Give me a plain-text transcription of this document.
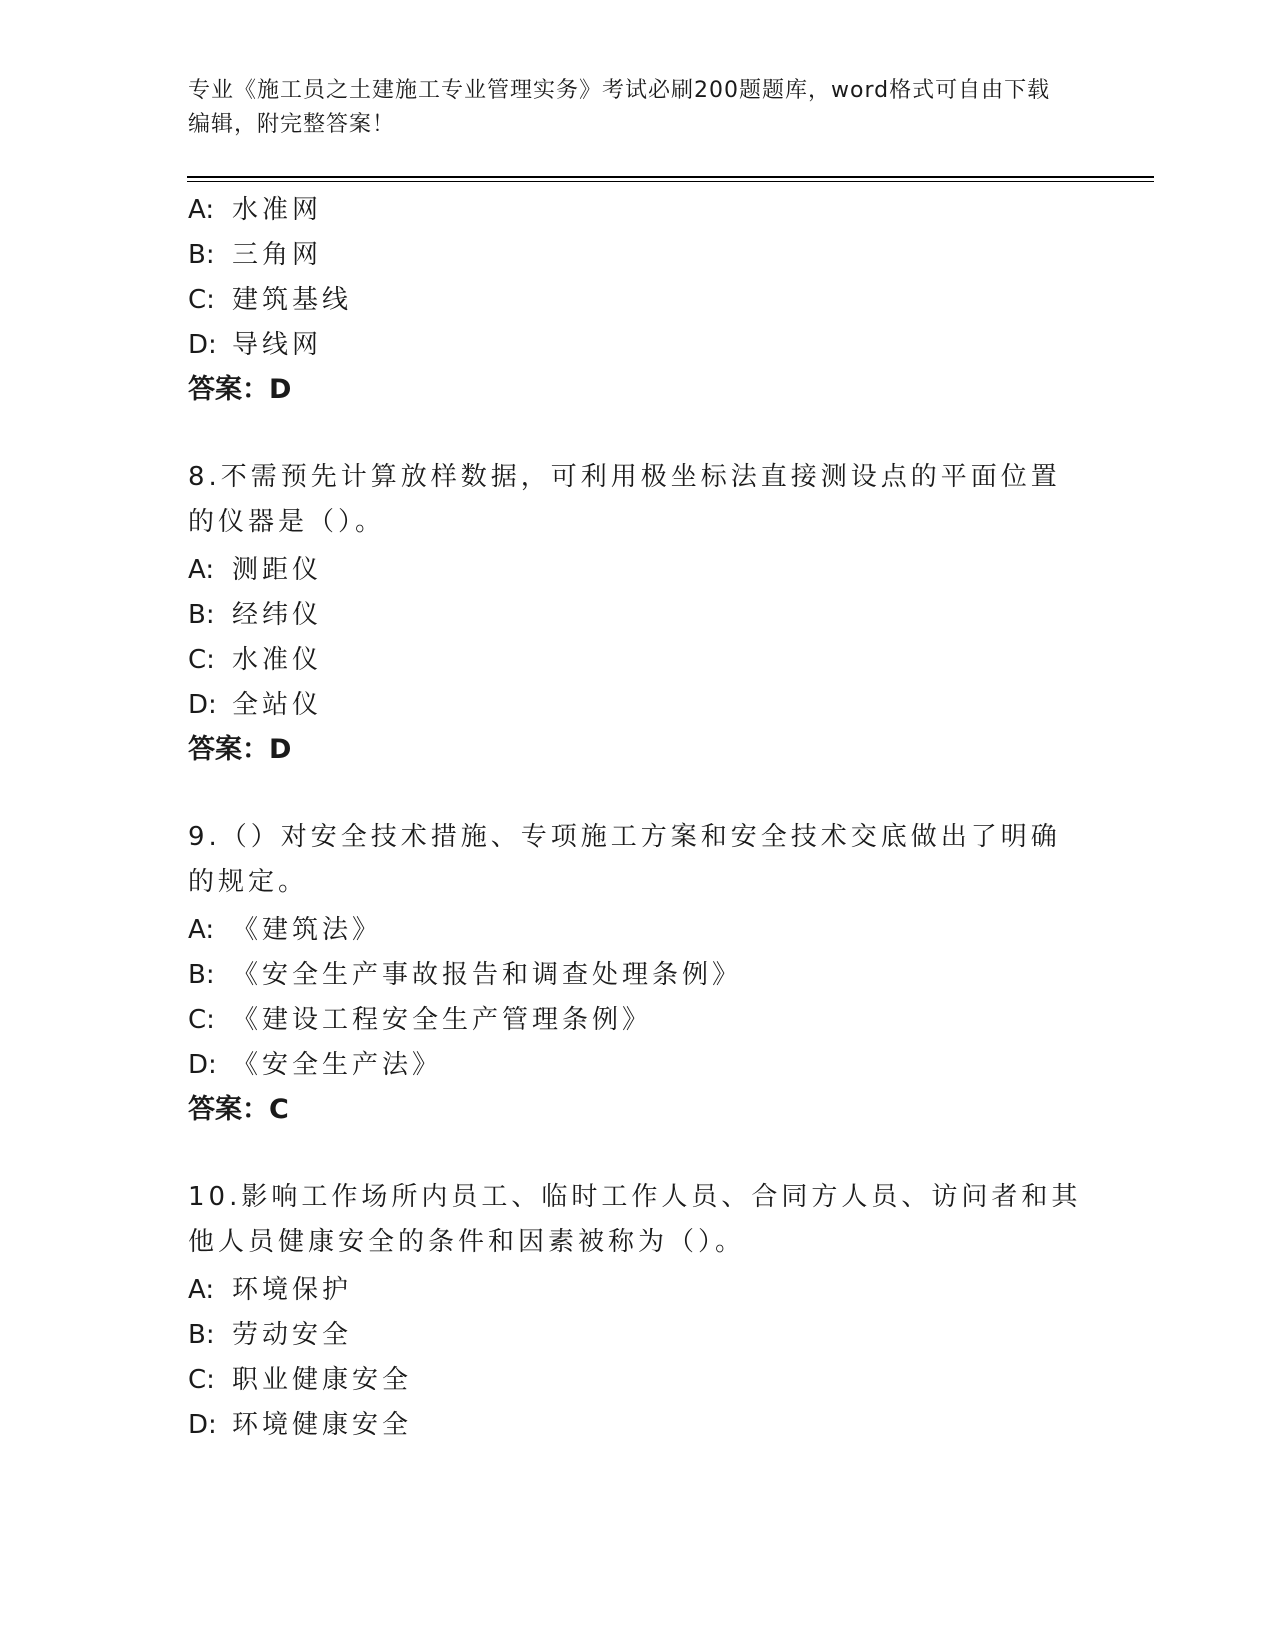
专业《施工员之土建施工专业管理实务》考试必刷200题题库，word格式可自由下载编辑，附完整答案！
A: 水准网
B: 三角网
C: 建筑基线
D: 导线网
答案：D
8.不需预先计算放样数据，可利用极坐标法直接测设点的平面位置的仪器是（）。
A: 测距仪
B: 经纬仪
C: 水准仪
D: 全站仪
答案：D
9.（）对安全技术措施、专项施工方案和安全技术交底做出了明确的规定。
A: 《建筑法》
B: 《安全生产事故报告和调查处理条例》
C: 《建设工程安全生产管理条例》
D: 《安全生产法》
答案：C
10.影响工作场所内员工、临时工作人员、合同方人员、访问者和其他人员健康安全的条件和因素被称为（）。
A: 环境保护
B: 劳动安全
C: 职业健康安全
D: 环境健康安全
